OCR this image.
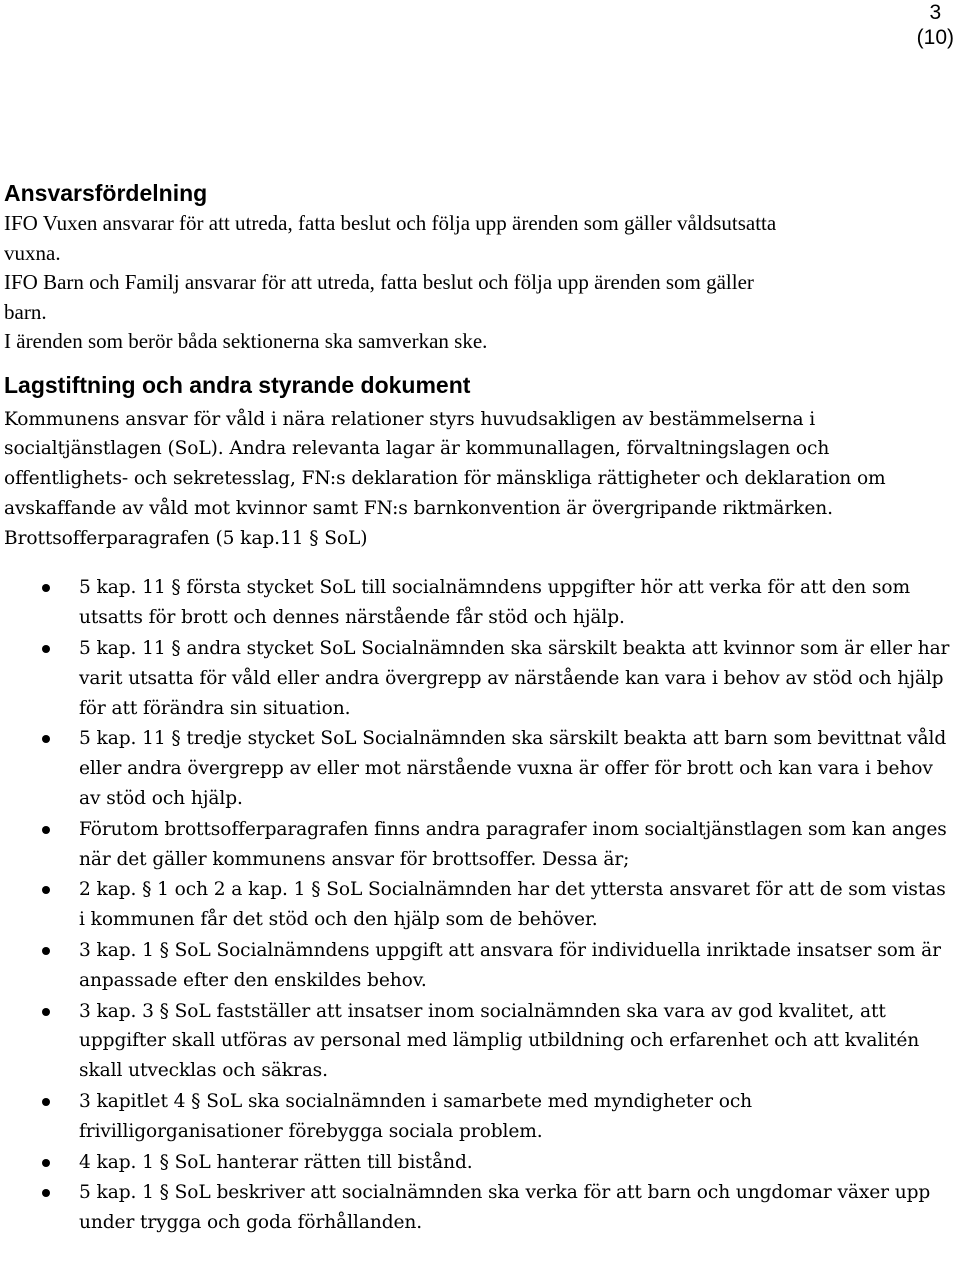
3
(10)
Ansvarsfördelning

IFO Vuxen ansvarar för att utreda, fatta beslut och följa upp ärenden som gäller våldsutsatta

vuxna.

IFO Barn och Familj ansvarar för att utreda, fatta beslut och följa upp ärenden som gäller

barn.

I ärenden som berör båda sektionerna ska samverkan ske.

Lagstiftning och andra styrande dokument

Kommunens ansvar för våld i nära relationer styrs huvudsakligen av bestämmelserna i socialtjänstlagen (SoL). Andra relevanta lagar är kommunallagen, förvaltningslagen och offentlighets- och sekretesslag, FN:s deklaration för mänskliga rättigheter och deklaration om avskaffande av våld mot kvinnor samt FN:s barnkonvention är övergripande riktmärken.

Brottsofferparagrafen (5 kap.11 § SoL)

5 kap. 11 § första stycket SoL till socialnämndens uppgifter hör att verka för att den som utsatts för brott och dennes närstående får stöd och hjälp.
5 kap. 11 § andra stycket SoL Socialnämnden ska särskilt beakta att kvinnor som är eller har varit utsatta för våld eller andra övergrepp av närstående kan vara i behov av stöd och hjälp för att förändra sin situation.
5 kap. 11 § tredje stycket SoL Socialnämnden ska särskilt beakta att barn som bevittnat våld eller andra övergrepp av eller mot närstående vuxna är offer för brott och kan vara i behov av stöd och hjälp.
Förutom brottsofferparagrafen finns andra paragrafer inom socialtjänstlagen som kan anges när det gäller kommunens ansvar för brottsoffer. Dessa är;
2 kap. § 1 och 2 a kap. 1 § SoL Socialnämnden har det yttersta ansvaret för att de som vistas i kommunen får det stöd och den hjälp som de behöver.
3 kap. 1 § SoL Socialnämndens uppgift att ansvara för individuella inriktade insatser som är anpassade efter den enskildes behov.
3 kap. 3 § SoL fastställer att insatser inom socialnämnden ska vara av god kvalitet, att uppgifter skall utföras av personal med lämplig utbildning och erfarenhet och att kvalitén skall utvecklas och säkras.
3 kapitlet 4 § SoL ska socialnämnden i samarbete med myndigheter och frivilligorganisationer förebygga sociala problem.
4 kap. 1 § SoL hanterar rätten till bistånd.
5 kap. 1 § SoL beskriver att socialnämnden ska verka för att barn och ungdomar växer upp under trygga och goda förhållanden.
